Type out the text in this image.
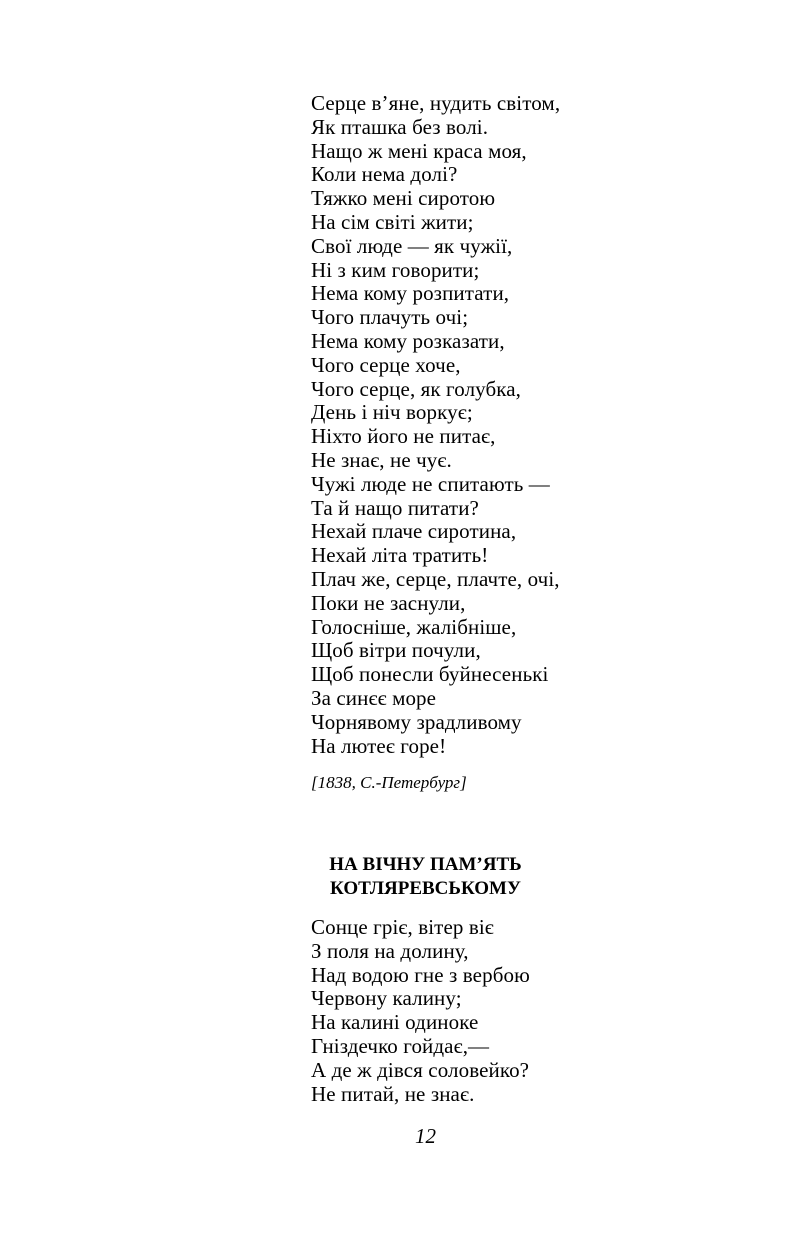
Серце в’яне, нудить світом,
Як пташка без волі.
Нащо ж мені краса моя,
Коли нема долі?
Тяжко мені сиротою
На сім світі жити;
Свої люде — як чужії,
Ні з ким говорити;
Нема кому розпитати,
Чого плачуть очі;
Нема кому розказати,
Чого серце хоче,
Чого серце, як голубка,
День і ніч воркує;
Ніхто його не питає,
Не знає, не чує.
Чужі люде не спитають —
Та й нащо питати?
Нехай плаче сиротина,
Нехай літа тратить!
Плач же, серце, плачте, очі,
Поки не заснули,
Голосніше, жалібніше,
Щоб вітри почули,
Щоб понесли буйнесенькі
За синєє море
Чорнявому зрадливому
На лютеє горе!
[1838, С.-Петербург]
НА ВІЧНУ ПАМ’ЯТЬ
КОТЛЯРЕВСЬКОМУ
Сонце гріє, вітер віє
З поля на долину,
Над водою гне з вербою
Червону калину;
На калині одиноке
Гніздечко гойдає,—
А де ж дівся соловейко?
Не питай, не знає.
12
